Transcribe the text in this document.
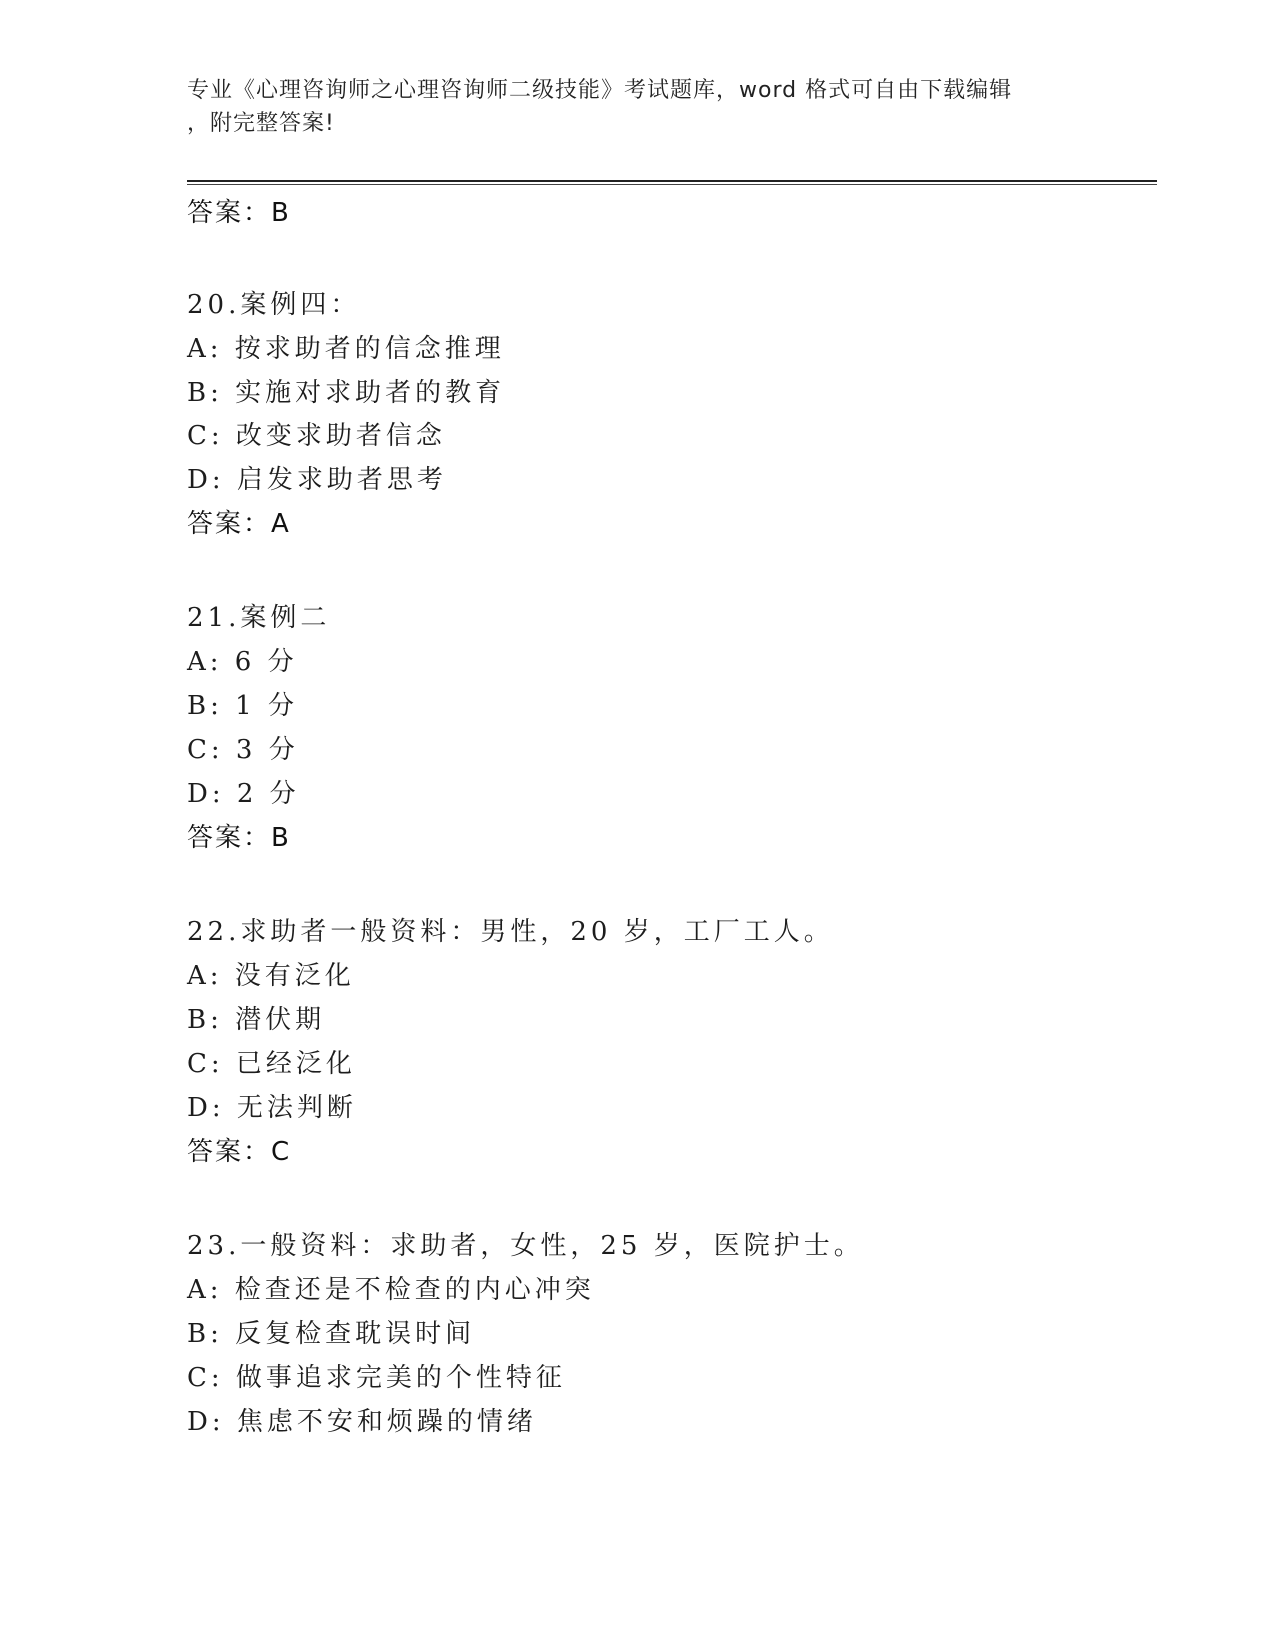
专业《心理咨询师之心理咨询师二级技能》考试题库，word 格式可自由下载编辑
，附完整答案!
答案：B
20.案例四：
A: 按求助者的信念推理
B: 实施对求助者的教育
C: 改变求助者信念
D: 启发求助者思考
答案：A
21.案例二
A: 6 分
B: 1 分
C: 3 分
D: 2 分
答案：B
22.求助者一般资料：男性，20 岁，工厂工人。
A: 没有泛化
B: 潜伏期
C: 已经泛化
D: 无法判断
答案：C
23.一般资料：求助者，女性，25 岁，医院护士。
A: 检查还是不检查的内心冲突
B: 反复检查耽误时间
C: 做事追求完美的个性特征
D: 焦虑不安和烦躁的情绪
